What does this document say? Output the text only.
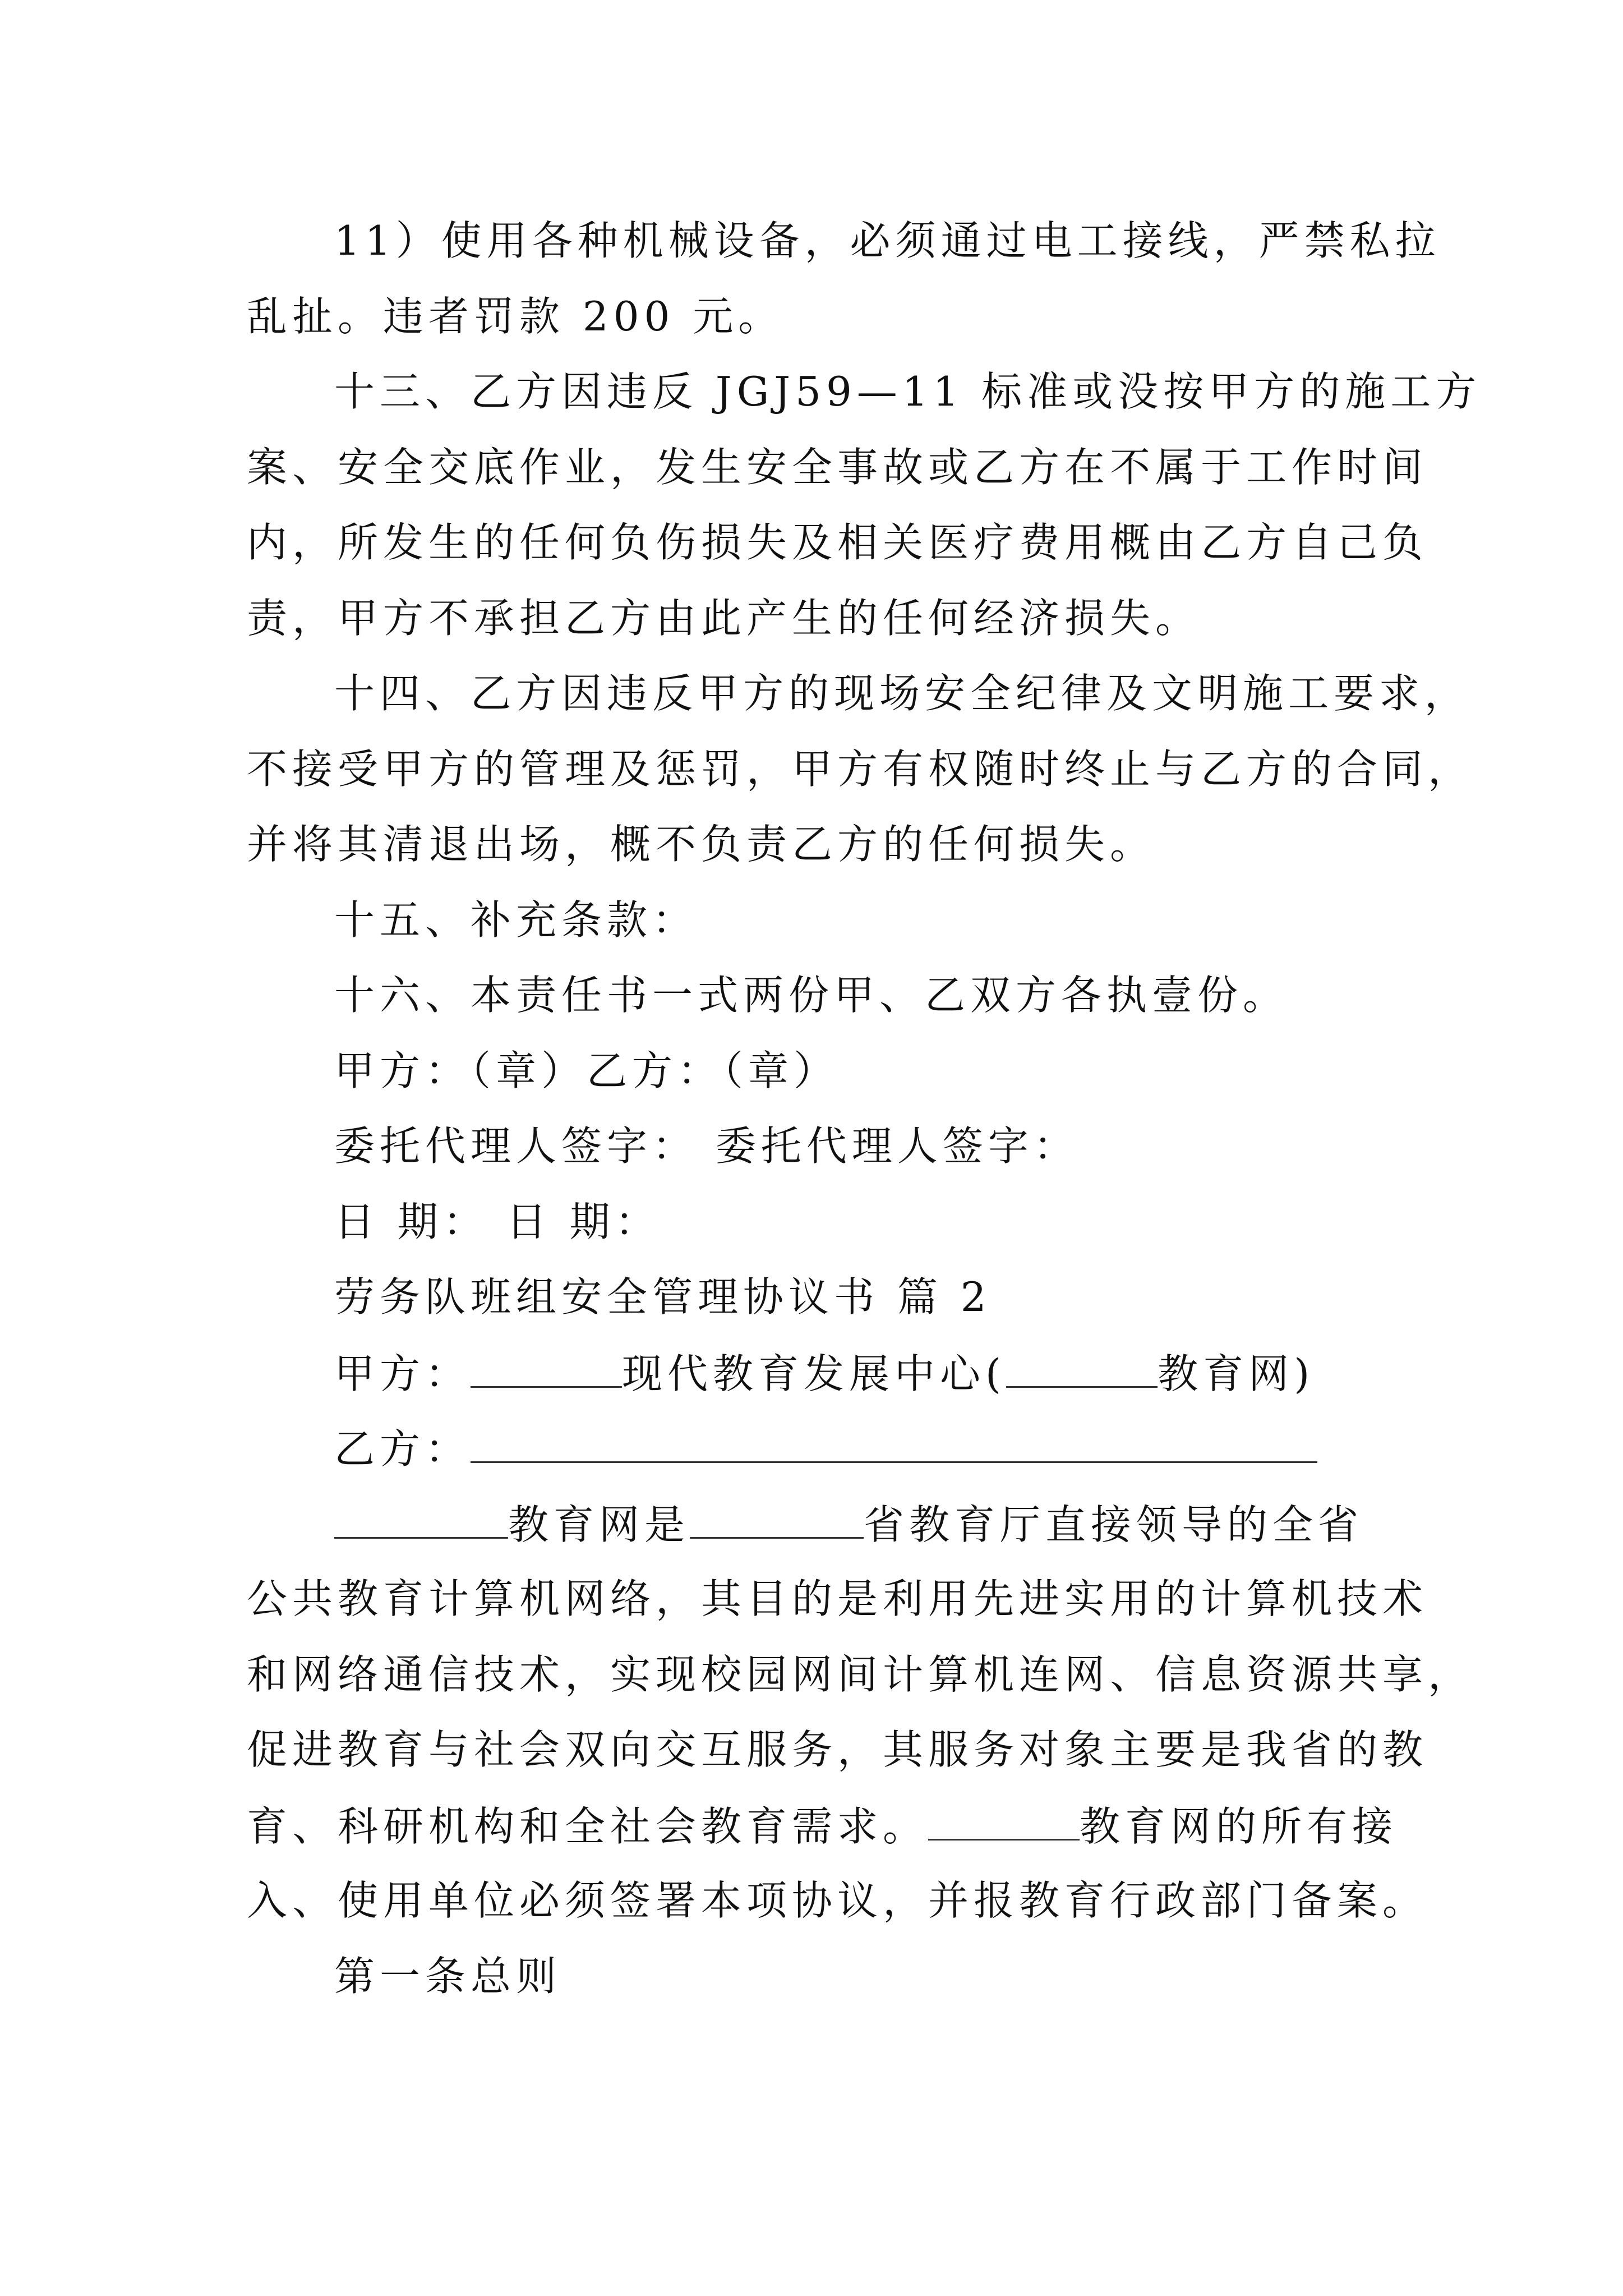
11）使用各种机械设备，必须通过电工接线，严禁私拉
乱扯。违者罚款 200 元。
十三、乙方因违反 JGJ59—11 标准或没按甲方的施工方
案、安全交底作业，发生安全事故或乙方在不属于工作时间
内，所发生的任何负伤损失及相关医疗费用概由乙方自己负
责，甲方不承担乙方由此产生的任何经济损失。
十四、乙方因违反甲方的现场安全纪律及文明施工要求，
不接受甲方的管理及惩罚，甲方有权随时终止与乙方的合同，
并将其清退出场，概不负责乙方的任何损失。
十五、补充条款：
十六、本责任书一式两份甲、乙双方各执壹份。
甲方：（章）乙方：（章）
委托代理人签字： 委托代理人签字：
日 期： 日 期：
劳务队班组安全管理协议书 篇 2
甲方：	现代教育发展中心(	教育网)
乙方：
教育网是	省教育厅直接领导的全省
公共教育计算机网络，其目的是利用先进实用的计算机技术
和网络通信技术，实现校园网间计算机连网、信息资源共享，
促进教育与社会双向交互服务，其服务对象主要是我省的教
育、科研机构和全社会教育需求。	教育网的所有接
入、使用单位必须签署本项协议，并报教育行政部门备案。
第一条总则
